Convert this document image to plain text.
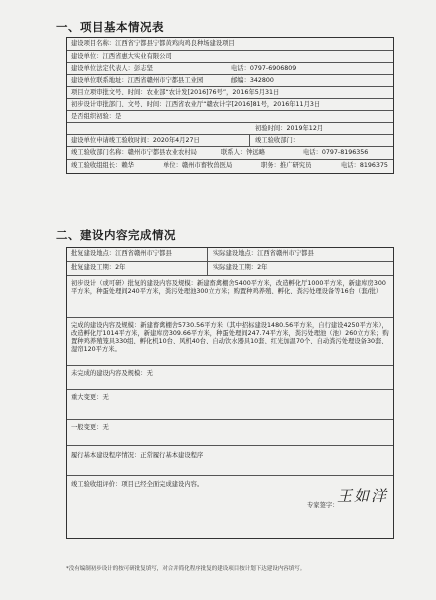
一、项目基本情况表
建设项目名称：江西省宁都县宁都黄鸡肉鸡良种场建设项目
建设单位：江西省惠大实业有限公司
建设单位法定代表人：彭志坚	电话：0797-6906809
建设单位联系地址：江西省赣州市宁都县工业园	邮编：342800
项目立项审批文号、时间：农业部“农计发[2016]76号”，2016年5月31日
初步设计审批部门、文号、时间：江西省农业厅“赣农计字[2016]81号，2016年11月3日
是否组织初验：是
初验时间：2019年12月
建设单位申请竣工验收时间：2020年4月27日	竣工验收部门：
竣工验收部门名称：赣州市宁都县农业农村局	联系人：钟远略	电话：0797-8196356
竣工验收组组长：赖华	单位：赣州市畜牧兽医局	职务：推广研究员	电话：8196375
二、建设内容完成情况
批复建设地点：江西省赣州市宁都县	实际建设地点：江西省赣州市宁都县
批复建设工期：2年	实际建设工期：2年
初步设计（或可研）批复的建设内容及规模：新建畜禽棚舍5400平方米，改造孵化厅1000平方米，新建库房300平方米，种蛋处理间240平方米，粪污处理池300立方米；购置种鸡养殖、孵化、粪污处理设备等16台（套/批）
完成的建设内容及规模：新建畜禽棚舍5730.56平方米（其中招标建设1480.56平方米，自行建设4250平方米），改造孵化厅1014平方米，新建库房309.66平方米，种蛋处理间247.74平方米，粪污处理池（池）260立方米；购置种鸡养殖笼具330组、孵化机10台、风机40台、自动饮水器具10套、红光加温70个、自动粪污处理设备30套、湿帘120平方米。
未完成的建设内容及规模：无
重大变更：无
一般变更：无
履行基本建设程序情况：正常履行基本建设程序
竣工验收组评价：项目已经全面完成建设内容。
专家签字：
王如洋
*没有编制初步设计的按可研批复填写，对合并简化程序批复的建设项目按计划下达建设内容填写。
